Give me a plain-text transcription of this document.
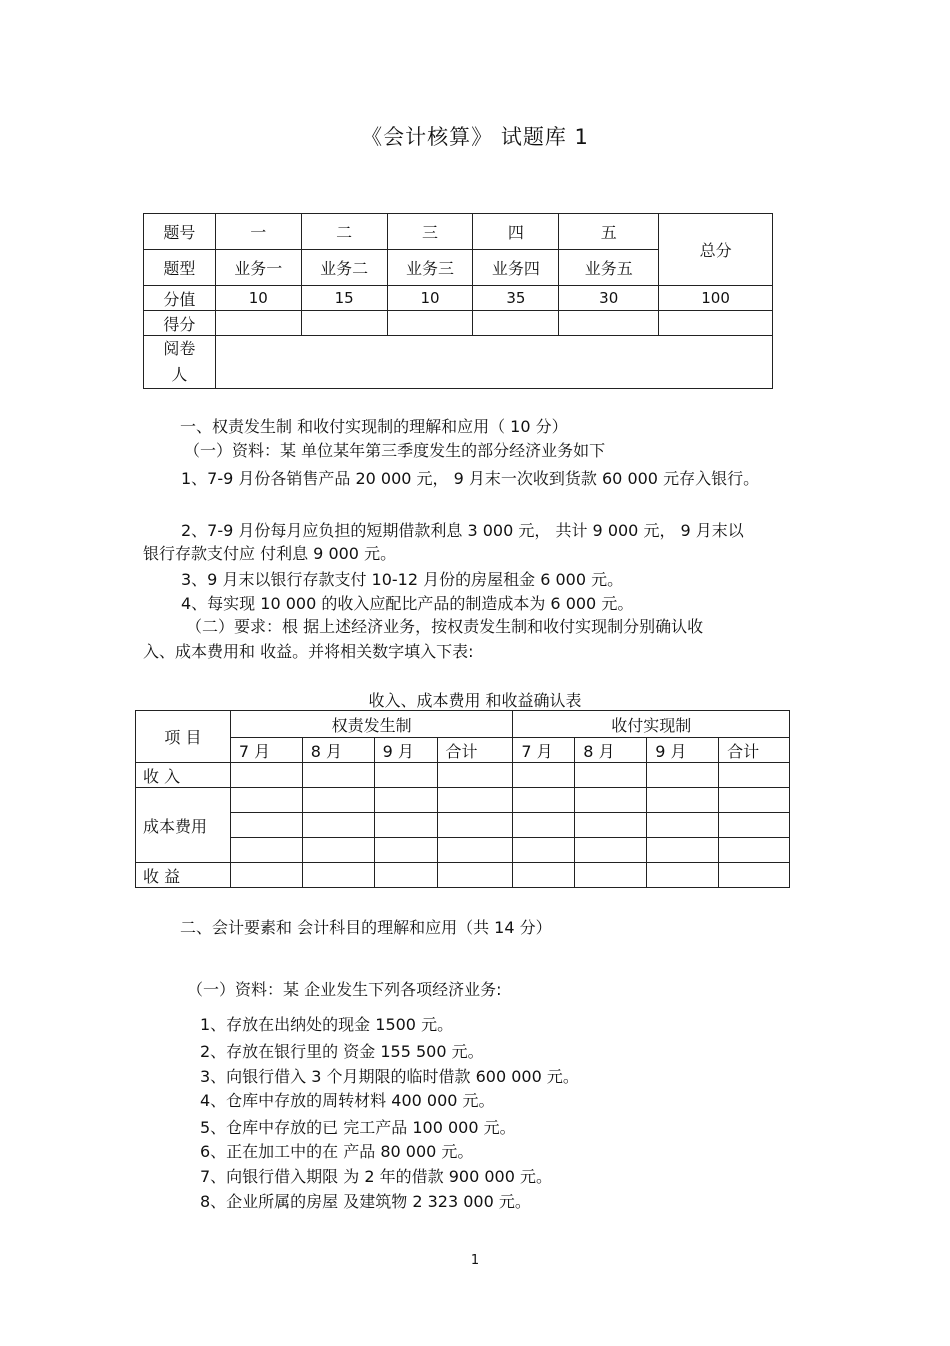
《会计核算》 试题库 1
题号	一	二	三	四	五	总分
题型	业务一	业务二	业务三	业务四	业务五	
分值	10	15	10	35	30	100
得分						
阅卷
人						
一、权责发生制 和收付实现制的理解和应用（ 10 分）
（一）资料：某 单位某年第三季度发生的部分经济业务如下
1、7-9 月份各销售产品 20 000 元， 9 月末一次收到货款 60 000 元存入银行。
2、7-9 月份每月应负担的短期借款利息 3 000 元， 共计 9 000 元， 9 月末以
银行存款支付应 付利息 9 000 元。
3、9 月末以银行存款支付 10-12 月份的房屋租金 6 000 元。
4、每实现 10 000 的收入应配比产品的制造成本为 6 000 元。
（二）要求：根 据上述经济业务，按权责发生制和收付实现制分别确认收
入、成本费用和 收益。并将相关数字填入下表:
收入、成本费用 和收益确认表
项 目	权责发生制				收付实现制			
	7 月	8 月	9 月	合计	7 月	8 月	9 月	合计
收 入								
成本费用								

收 益								
二、会计要素和 会计科目的理解和应用（共 14 分）
（一）资料：某 企业发生下列各项经济业务:
1、存放在出纳处的现金 1500 元。
2、存放在银行里的 资金 155 500 元。
3、向银行借入 3 个月期限的临时借款 600 000 元。
4、仓库中存放的周转材料 400 000 元。
5、仓库中存放的已 完工产品 100 000 元。
6、正在加工中的在 产品 80 000 元。
7、向银行借入期限 为 2 年的借款 900 000 元。
8、企业所属的房屋 及建筑物 2 323 000 元。
1
